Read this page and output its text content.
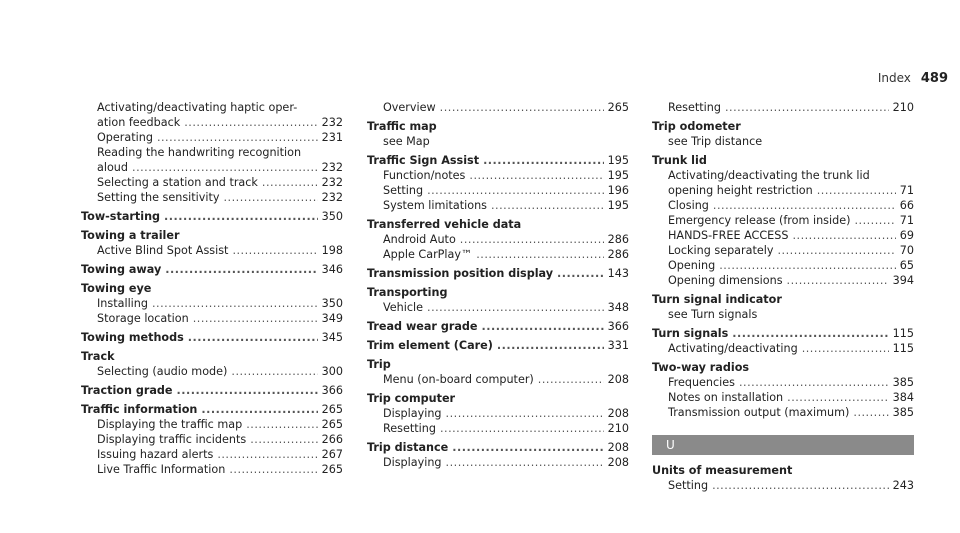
Index 489
Activating/deactivating haptic oper-
ation feedback .....	232
Operating .....	231
Reading the handwriting recognition
aloud .....	232
Selecting a station and track .....	232
Setting the sensitivity .....	232
Tow-starting .....	350
Towing a trailer
Active Blind Spot Assist .....	198
Towing away .....	346
Towing eye
Installing .....	350
Storage location .....	349
Towing methods .....	345
Track
Selecting (audio mode) .....	300
Traction grade .....	366
Traffic information .....	265
Displaying the traffic map .....	265
Displaying traffic incidents .....	266
Issuing hazard alerts .....	267
Live Traffic Information .....	265
Overview .....	265
Traffic map
see Map
Traffic Sign Assist .....	195
Function/notes .....	195
Setting .....	196
System limitations .....	195
Transferred vehicle data
Android Auto .....	286
Apple CarPlay™ .....	286
Transmission position display .....	143
Transporting
Vehicle .....	348
Tread wear grade .....	366
Trim element (Care) .....	331
Trip
Menu (on-board computer) .....	208
Trip computer
Displaying .....	208
Resetting .....	210
Trip distance .....	208
Displaying .....	208
Resetting .....	210
Trip odometer
see Trip distance
Trunk lid
Activating/deactivating the trunk lid
opening height restriction .....	71
Closing .....	66
Emergency release (from inside) .....	71
HANDS-FREE ACCESS .....	69
Locking separately .....	70
Opening .....	65
Opening dimensions .....	394
Turn signal indicator
see Turn signals
Turn signals .....	115
Activating/deactivating .....	115
Two-way radios
Frequencies .....	385
Notes on installation .....	384
Transmission output (maximum) .....	385
U
Units of measurement
Setting .....	243
